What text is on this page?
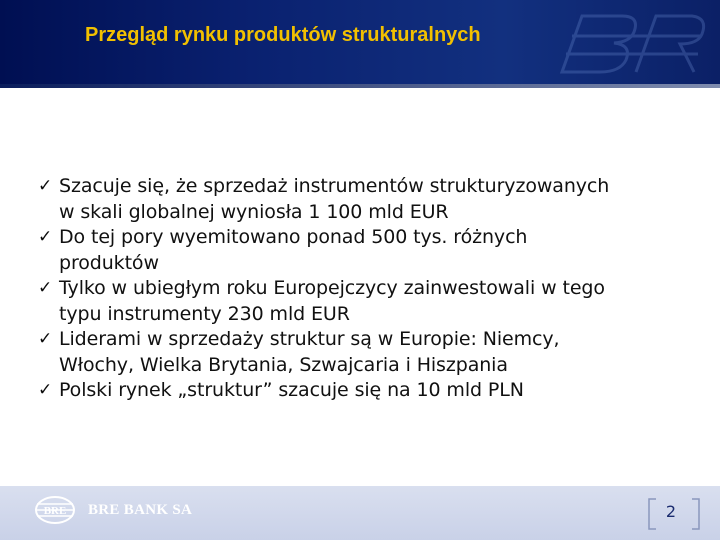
Przegląd rynku produktów strukturalnych
✓ Szacuje się, że sprzedaż instrumentów strukturyzowanych
w skali globalnej wyniosła 1 100 mld EUR
✓ Do tej pory wyemitowano ponad 500 tys. różnych
produktów
✓ Tylko w ubiegłym roku Europejczycy zainwestowali w tego
typu instrumenty 230 mld EUR
✓ Liderami w sprzedaży struktur są w Europie: Niemcy,
Włochy, Wielka Brytania, Szwajcaria i Hiszpania
✓ Polski rynek „struktur” szacuje się na 10 mld PLN
BRE BRE BANK SA	2
